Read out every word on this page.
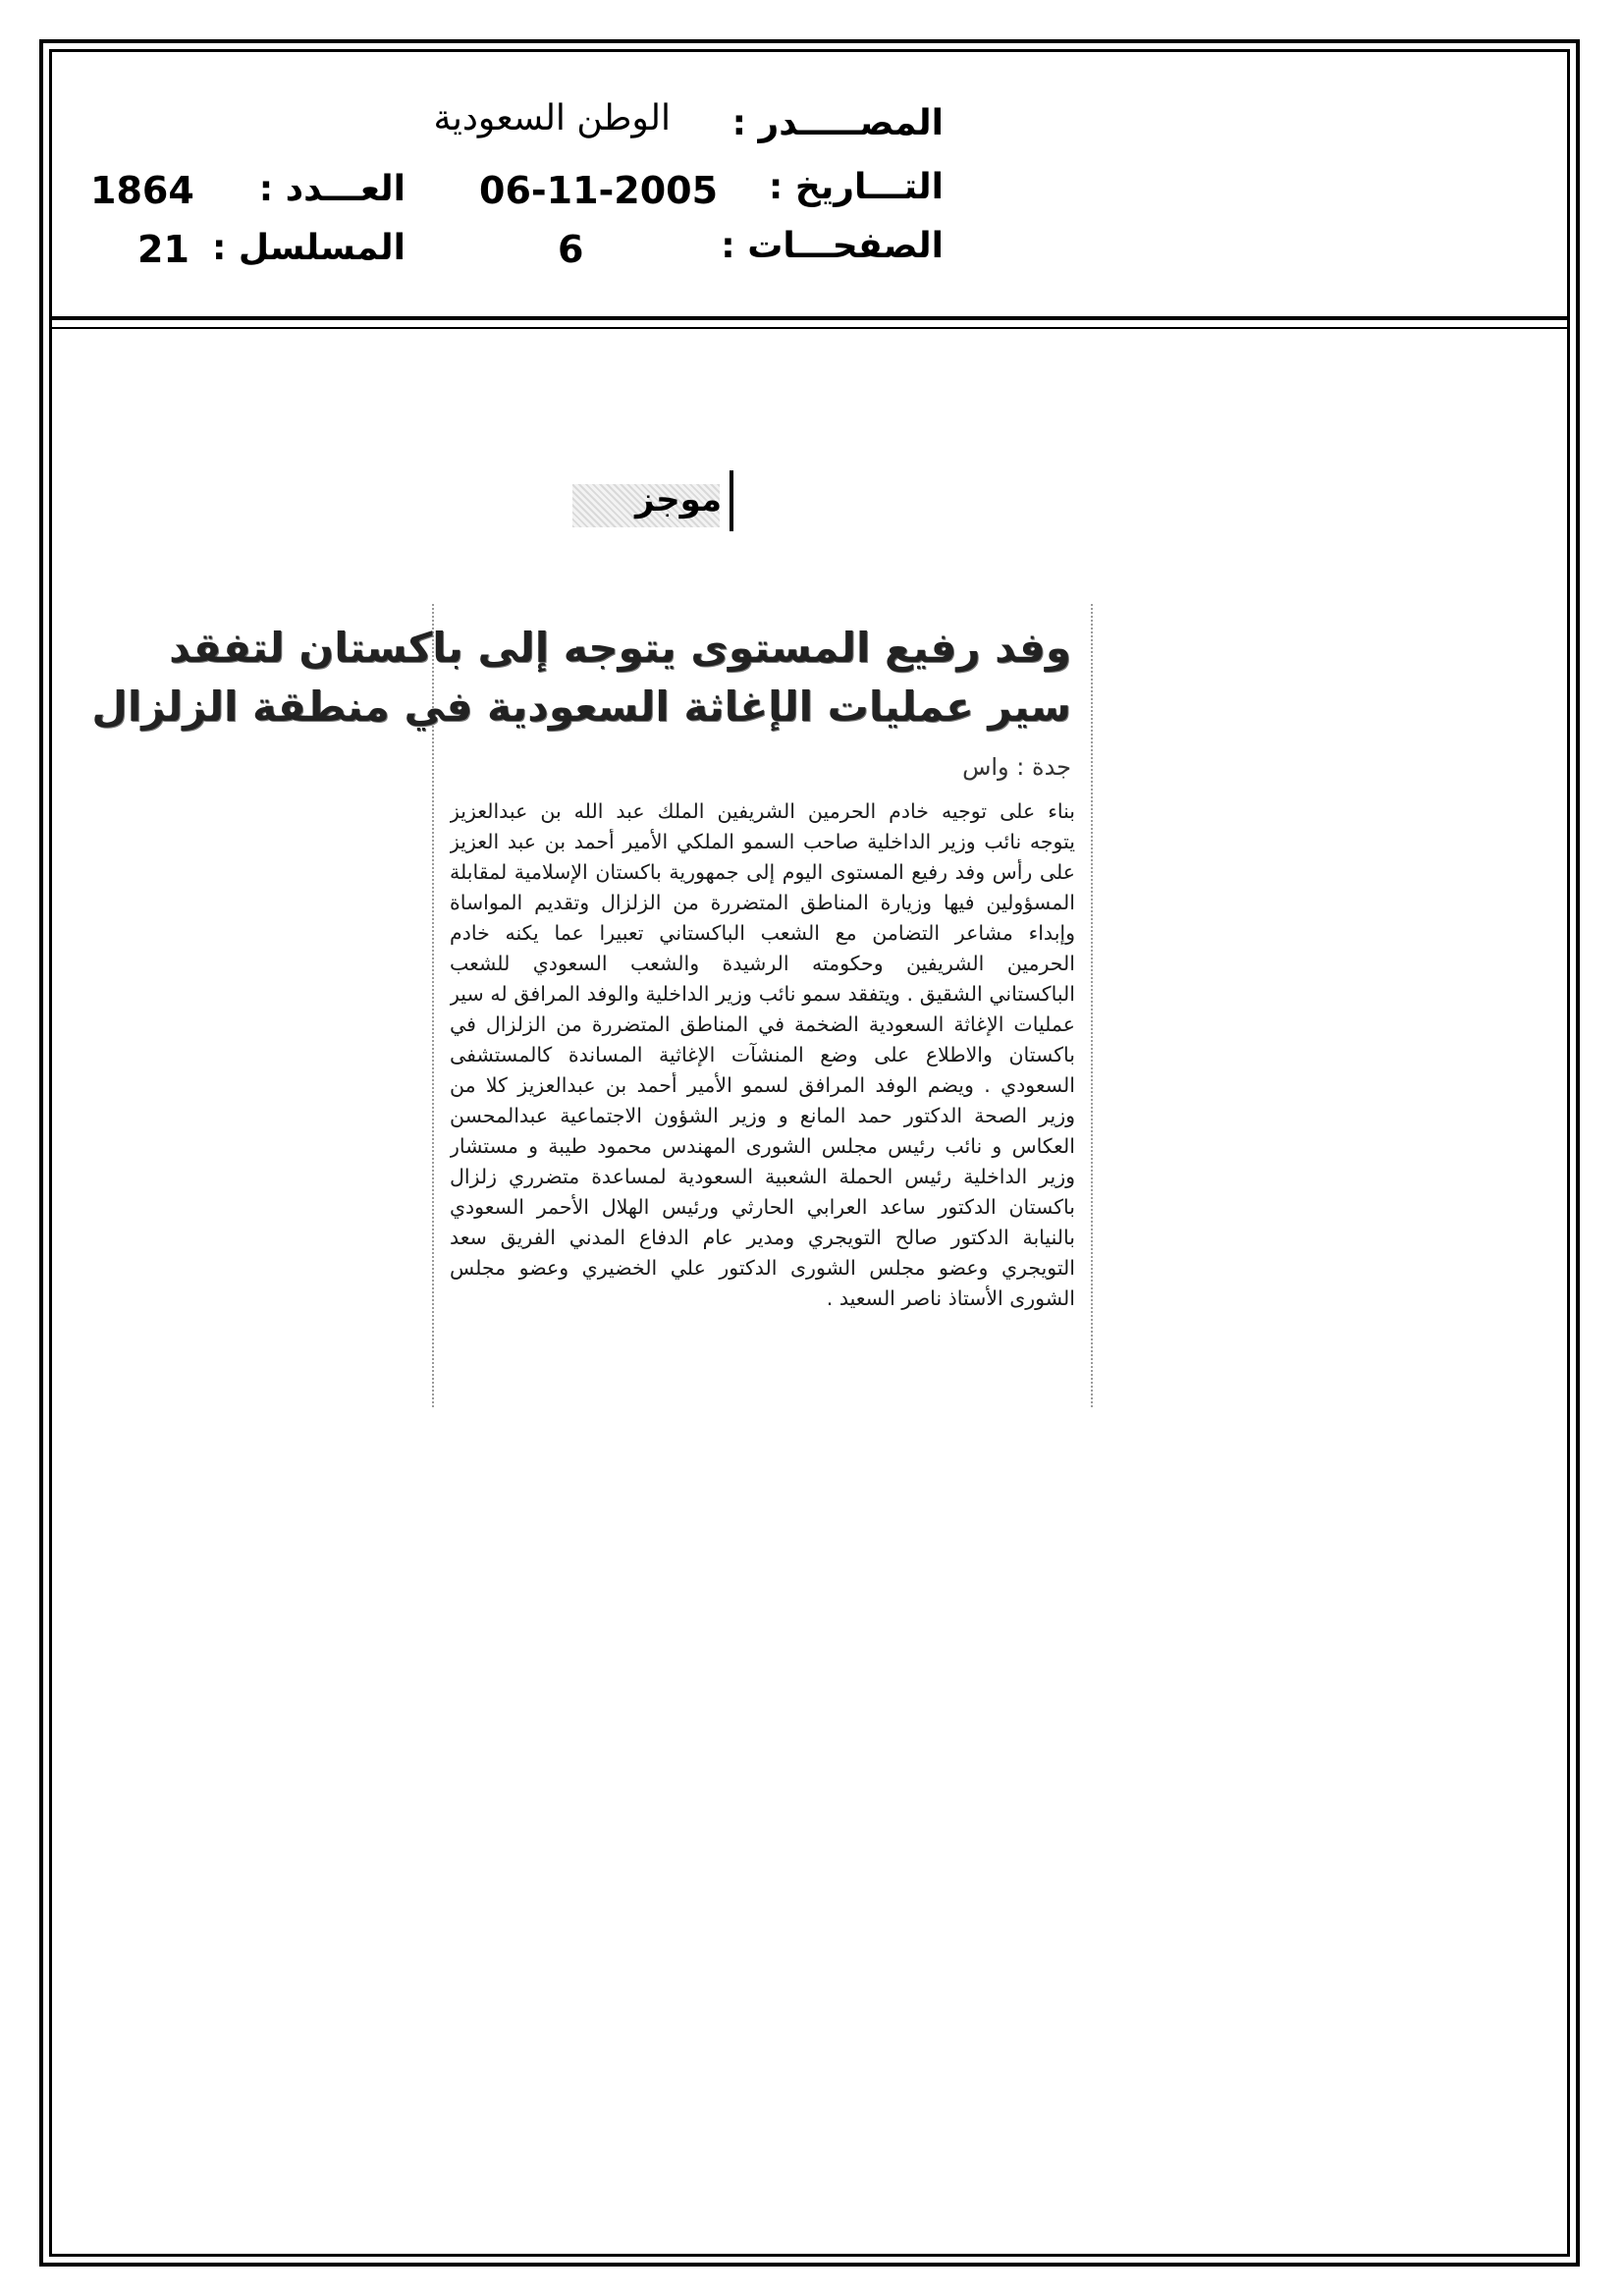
المصـــــدر :
الوطن السعودية
التـــاريخ :
06-11-2005
الصفحـــات :
6
العـــدد :
1864
المسلسل :
21
موجز
وفد رفيع المستوى يتوجه إلى باكستان لتفقد
سير عمليات الإغاثة السعودية في منطقة الزلزال
جدة : واس
بناء على توجيه خادم الحرمين الشريفين الملك عبد الله بن عبدالعزيز
يتوجه نائب وزير الداخلية صاحب السمو الملكي الأمير أحمد بن عبد العزيز
على رأس وفد رفيع المستوى اليوم إلى جمهورية باكستان الإسلامية لمقابلة
المسؤولين فيها وزيارة المناطق المتضررة من الزلزال وتقديم المواساة
وإبداء مشاعر التضامن مع الشعب الباكستاني تعبيرا عما يكنه خادم
الحرمين الشريفين وحكومته الرشيدة والشعب السعودي للشعب
الباكستاني الشقيق . ويتفقد سمو نائب وزير الداخلية والوفد المرافق له سير
عمليات الإغاثة السعودية الضخمة في المناطق المتضررة من الزلزال في
باكستان والاطلاع على وضع المنشآت الإغاثية المساندة كالمستشفى
السعودي . ويضم الوفد المرافق لسمو الأمير أحمد بن عبدالعزيز كلا من
وزير الصحة الدكتور حمد المانع و وزير الشؤون الاجتماعية عبدالمحسن
العكاس و نائب رئيس مجلس الشورى المهندس محمود طيبة و مستشار
وزير الداخلية رئيس الحملة الشعبية السعودية لمساعدة متضرري زلزال
باكستان الدكتور ساعد العرابي الحارثي ورئيس الهلال الأحمر السعودي
بالنيابة الدكتور صالح التويجري ومدير عام الدفاع المدني الفريق سعد
التويجري وعضو مجلس الشورى الدكتور علي الخضيري وعضو مجلس
الشورى الأستاذ ناصر السعيد .
